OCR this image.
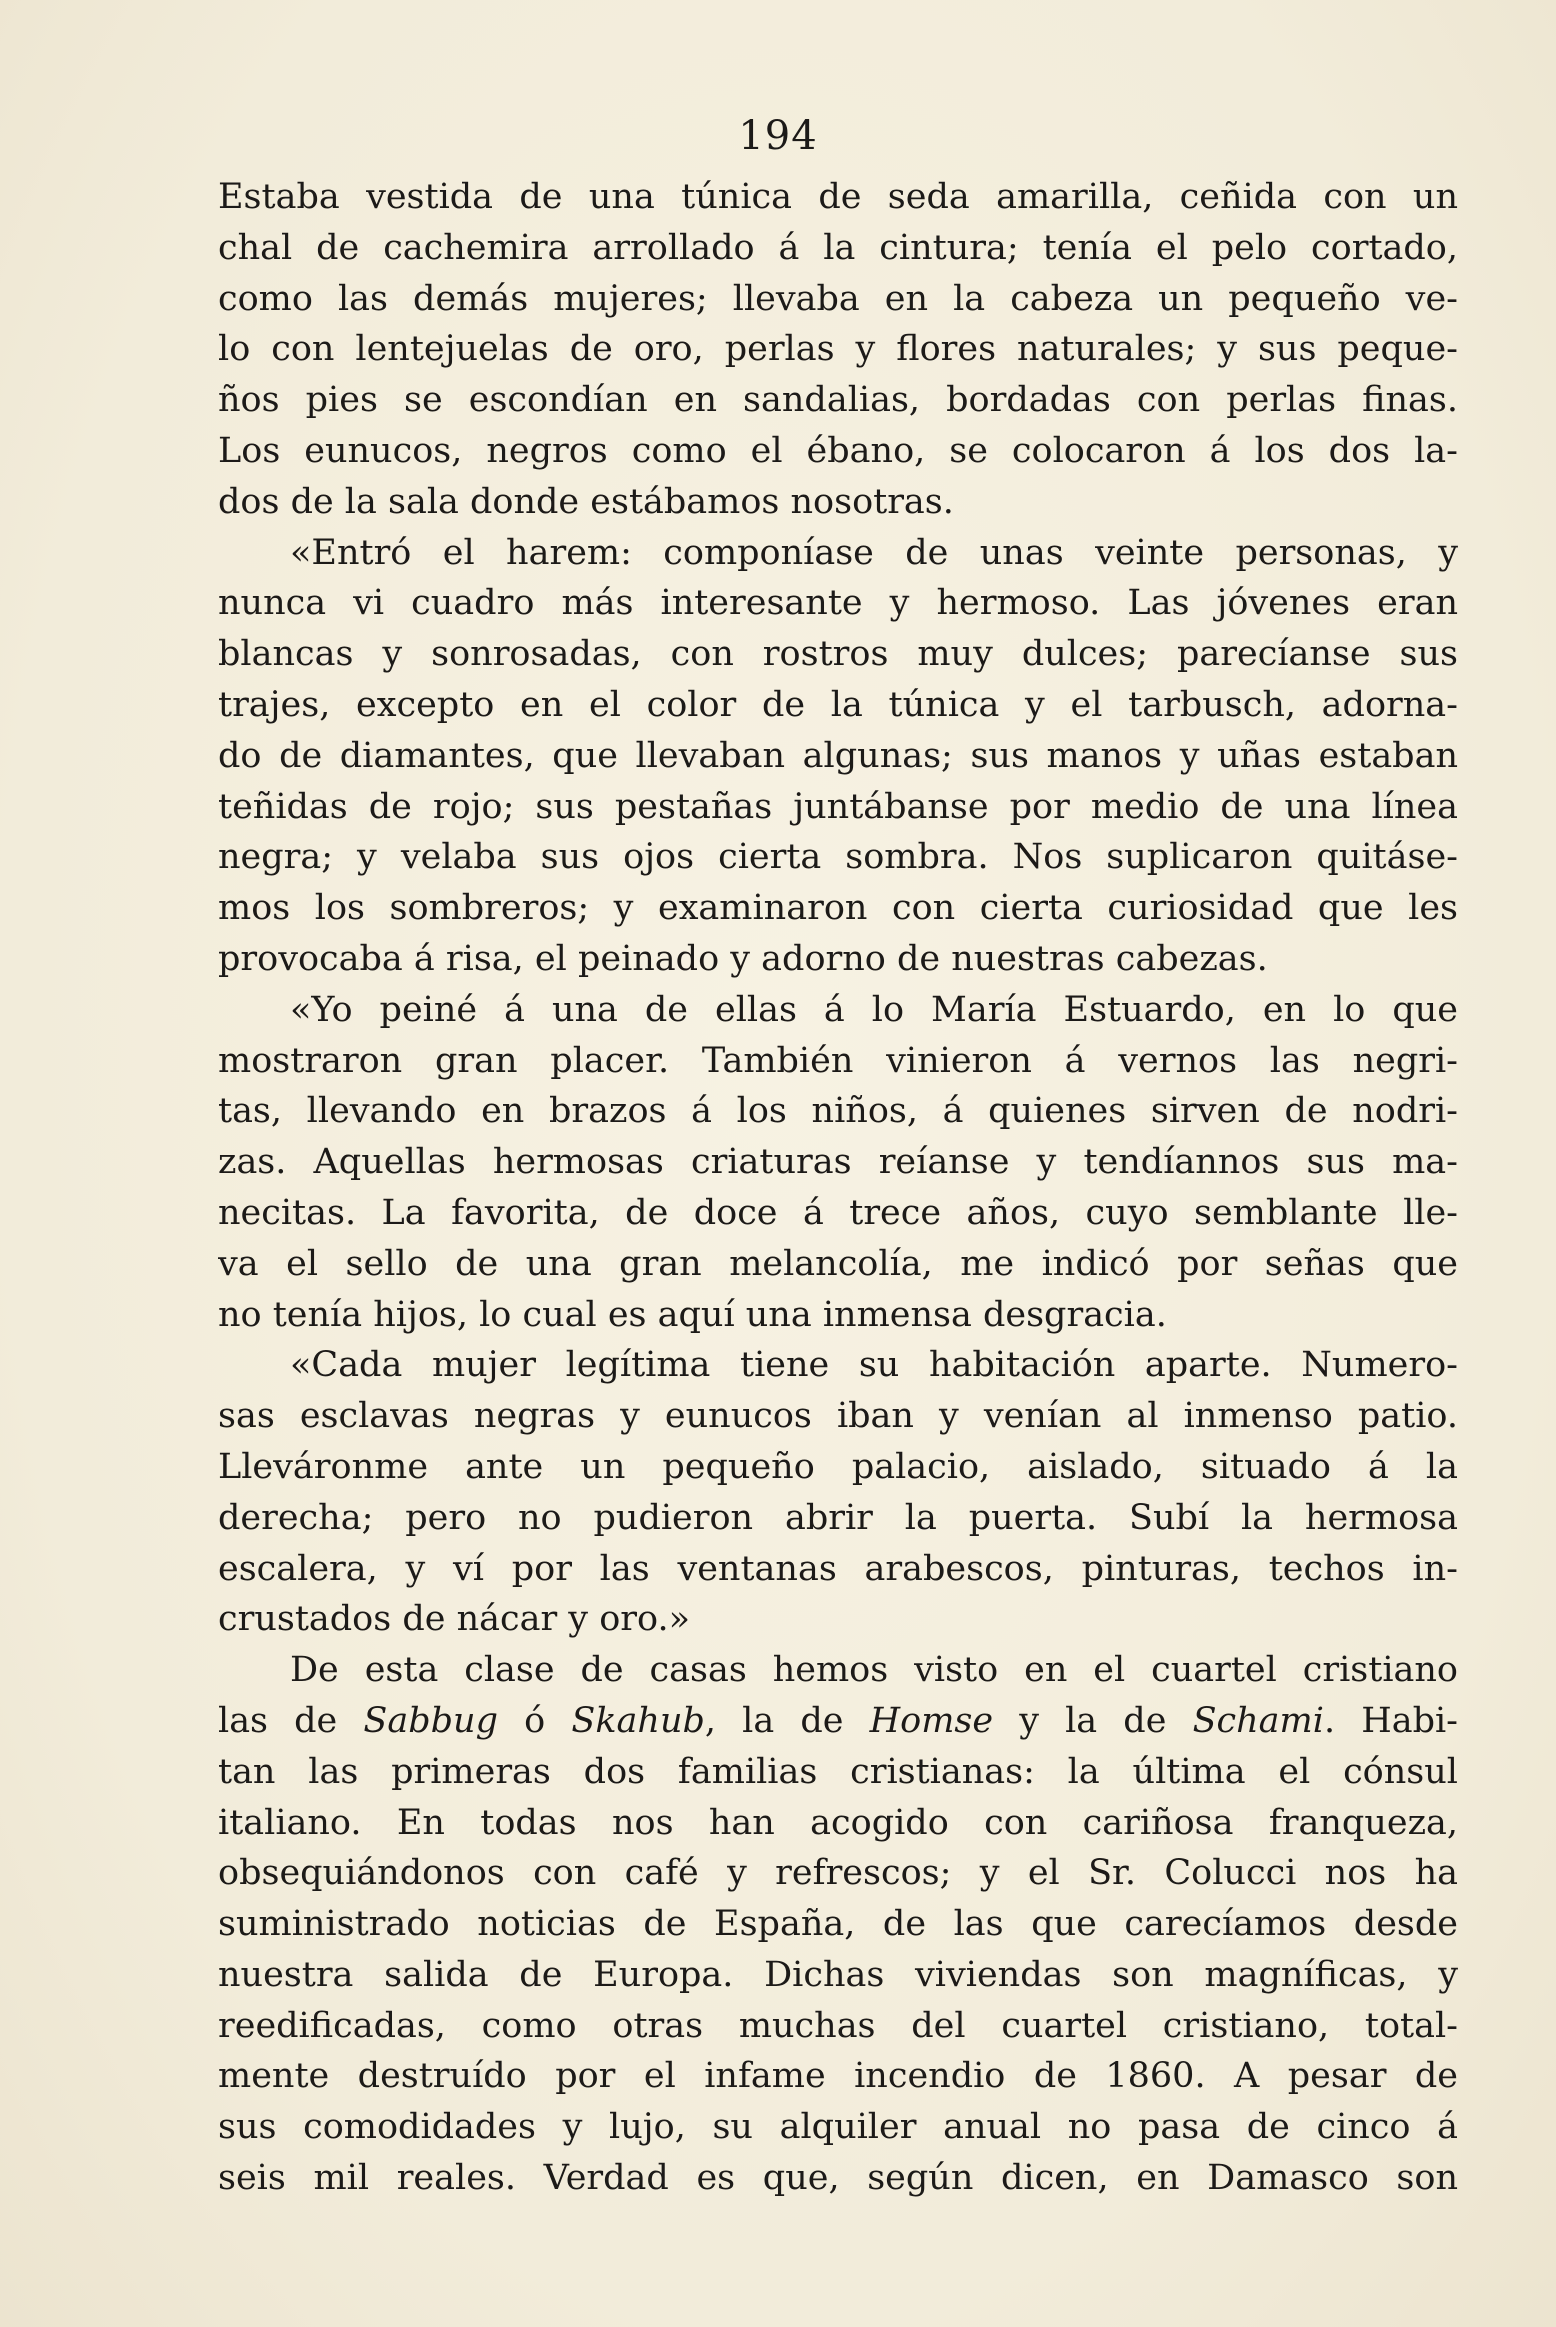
194
Estaba vestida de una túnica de seda amarilla, ceñida con un
chal de cachemira arrollado á la cintura; tenía el pelo cortado,
como las demás mujeres; llevaba en la cabeza un pequeño ve-
lo con lentejuelas de oro, perlas y flores naturales; y sus peque-
ños pies se escondían en sandalias, bordadas con perlas finas.
Los eunucos, negros como el ébano, se colocaron á los dos la-
dos de la sala donde estábamos nosotras.
«Entró el harem: componíase de unas veinte personas, y
nunca vi cuadro más interesante y hermoso. Las jóvenes eran
blancas y sonrosadas, con rostros muy dulces; parecíanse sus
trajes, excepto en el color de la túnica y el tarbusch, adorna-
do de diamantes, que llevaban algunas; sus manos y uñas estaban
teñidas de rojo; sus pestañas juntábanse por medio de una línea
negra; y velaba sus ojos cierta sombra. Nos suplicaron quitáse-
mos los sombreros; y examinaron con cierta curiosidad que les
provocaba á risa, el peinado y adorno de nuestras cabezas.
«Yo peiné á una de ellas á lo María Estuardo, en lo que
mostraron gran placer. También vinieron á vernos las negri-
tas, llevando en brazos á los niños, á quienes sirven de nodri-
zas. Aquellas hermosas criaturas reíanse y tendíannos sus ma-
necitas. La favorita, de doce á trece años, cuyo semblante lle-
va el sello de una gran melancolía, me indicó por señas que
no tenía hijos, lo cual es aquí una inmensa desgracia.
«Cada mujer legítima tiene su habitación aparte. Numero-
sas esclavas negras y eunucos iban y venían al inmenso patio.
Lleváronme ante un pequeño palacio, aislado, situado á la
derecha; pero no pudieron abrir la puerta. Subí la hermosa
escalera, y ví por las ventanas arabescos, pinturas, techos in-
crustados de nácar y oro.»
De esta clase de casas hemos visto en el cuartel cristiano
las de Sabbug ó Skahub, la de Homse y la de Schami. Habi-
tan las primeras dos familias cristianas: la última el cónsul
italiano. En todas nos han acogido con cariñosa franqueza,
obsequiándonos con café y refrescos; y el Sr. Colucci nos ha
suministrado noticias de España, de las que carecíamos desde
nuestra salida de Europa. Dichas viviendas son magníficas, y
reedificadas, como otras muchas del cuartel cristiano, total-
mente destruído por el infame incendio de 1860. A pesar de
sus comodidades y lujo, su alquiler anual no pasa de cinco á
seis mil reales. Verdad es que, según dicen, en Damasco son
